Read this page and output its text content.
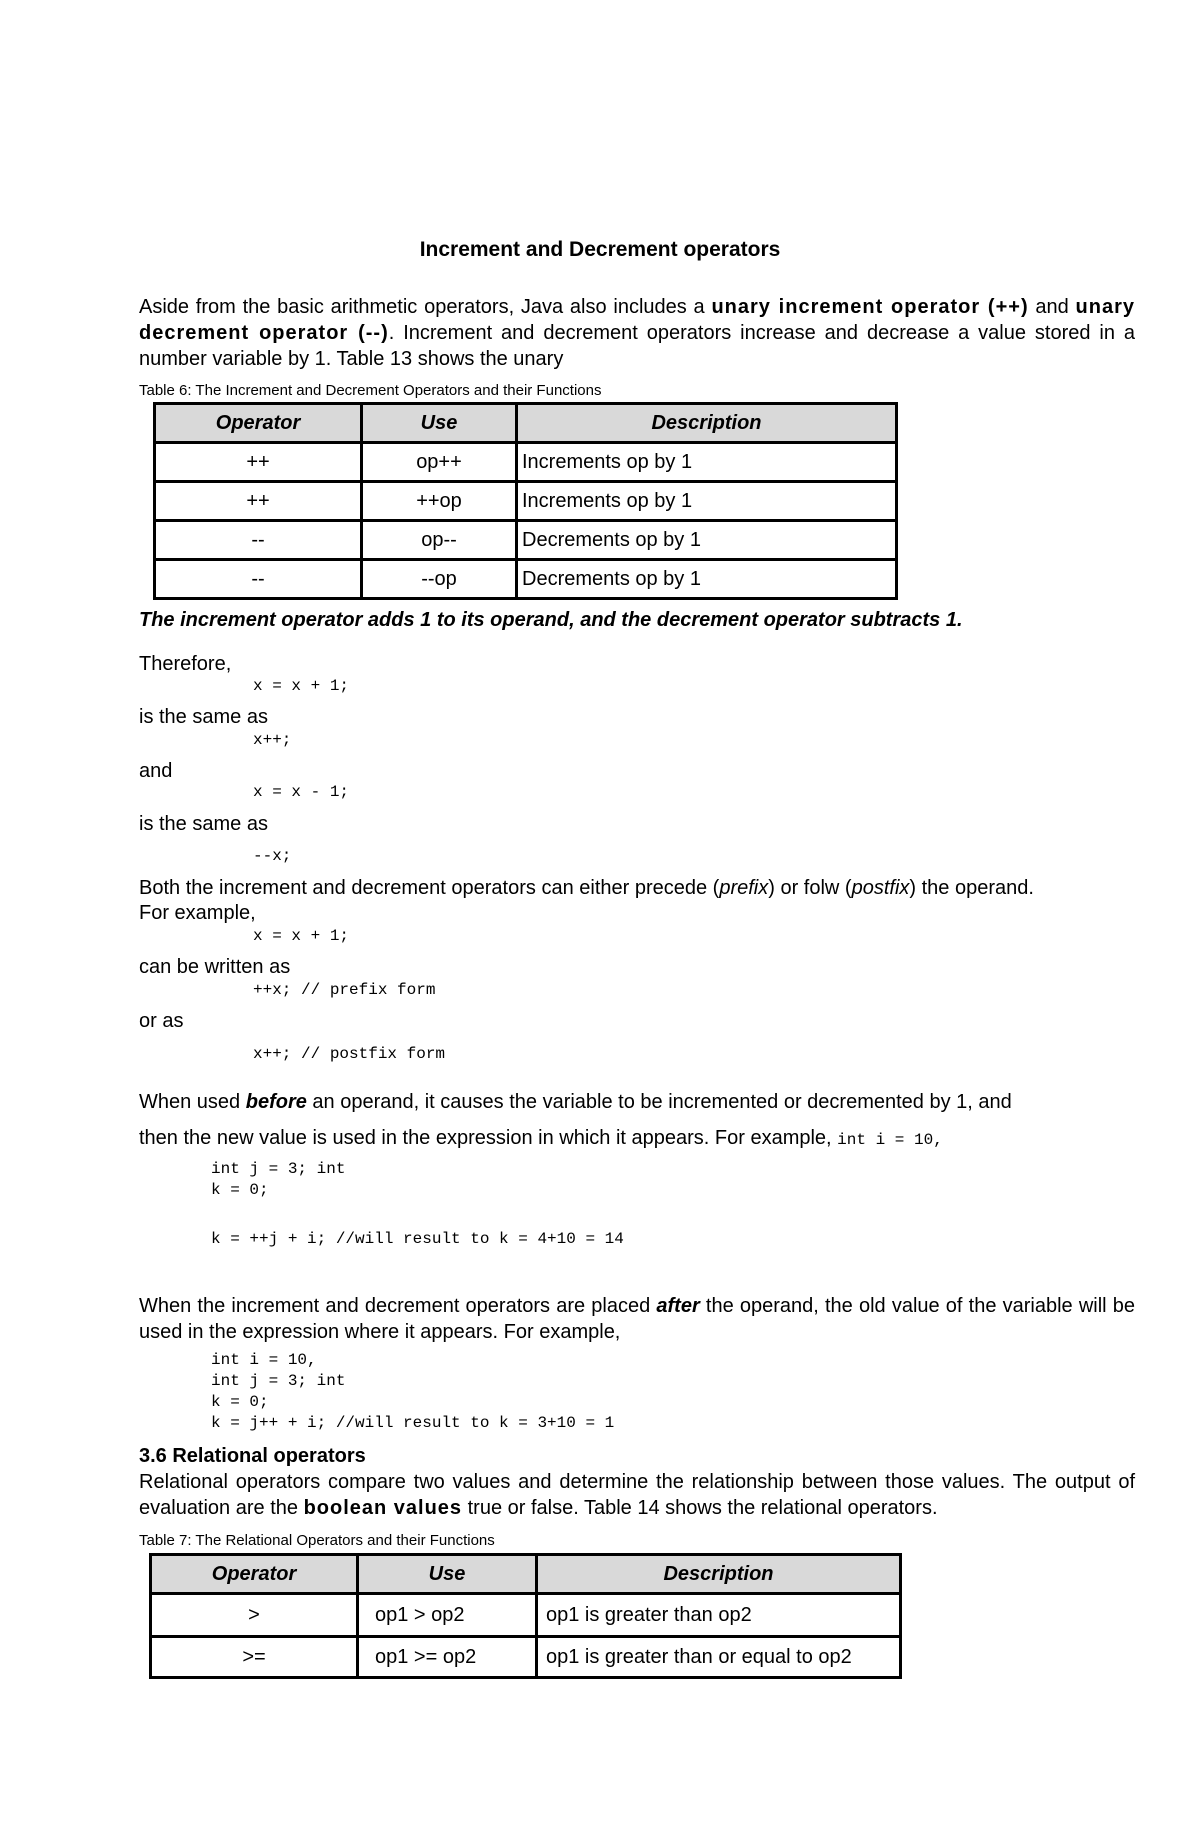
Increment and Decrement operators
Aside from the basic arithmetic operators, Java also includes a unary increment operator (++) and unary decrement operator (--). Increment and decrement operators increase and decrease a value stored in a number variable by 1. Table 13 shows the unary
Table 6: The Increment and Decrement Operators and their Functions
Operator	Use	Description
++	op++	Increments op by 1
++	++op	Increments op by 1
--	op--	Decrements op by 1
--	--op	Decrements op by 1
The increment operator adds 1 to its operand, and the decrement operator subtracts 1.
Therefore,
x = x + 1;
is the same as
x++;
and
x = x - 1;
is the same as
--x;
Both the increment and decrement operators can either precede (prefix) or folw (postfix) the operand.
For example,
x = x + 1;
can be written as
++x; // prefix form
or as
x++; // postfix form
When used before an operand, it causes the variable to be incremented or decremented by 1, and
then the new value is used in the expression in which it appears. For example, int i = 10,
int j = 3; int
k = 0;
k = ++j + i; //will result to k = 4+10 = 14
When the increment and decrement operators are placed after the operand, the old value of the variable will be used in the expression where it appears. For example,
int i = 10,
int j = 3; int
k = 0;
k = j++ + i; //will result to k = 3+10 = 1
3.6 Relational operators
Relational operators compare two values and determine the relationship between those values. The output of evaluation are the boolean values true or false. Table 14 shows the relational operators.
Table 7: The Relational Operators and their Functions
Operator	Use	Description
>	op1 > op2	op1 is greater than op2
>=	op1 >= op2	op1 is greater than or equal to op2
